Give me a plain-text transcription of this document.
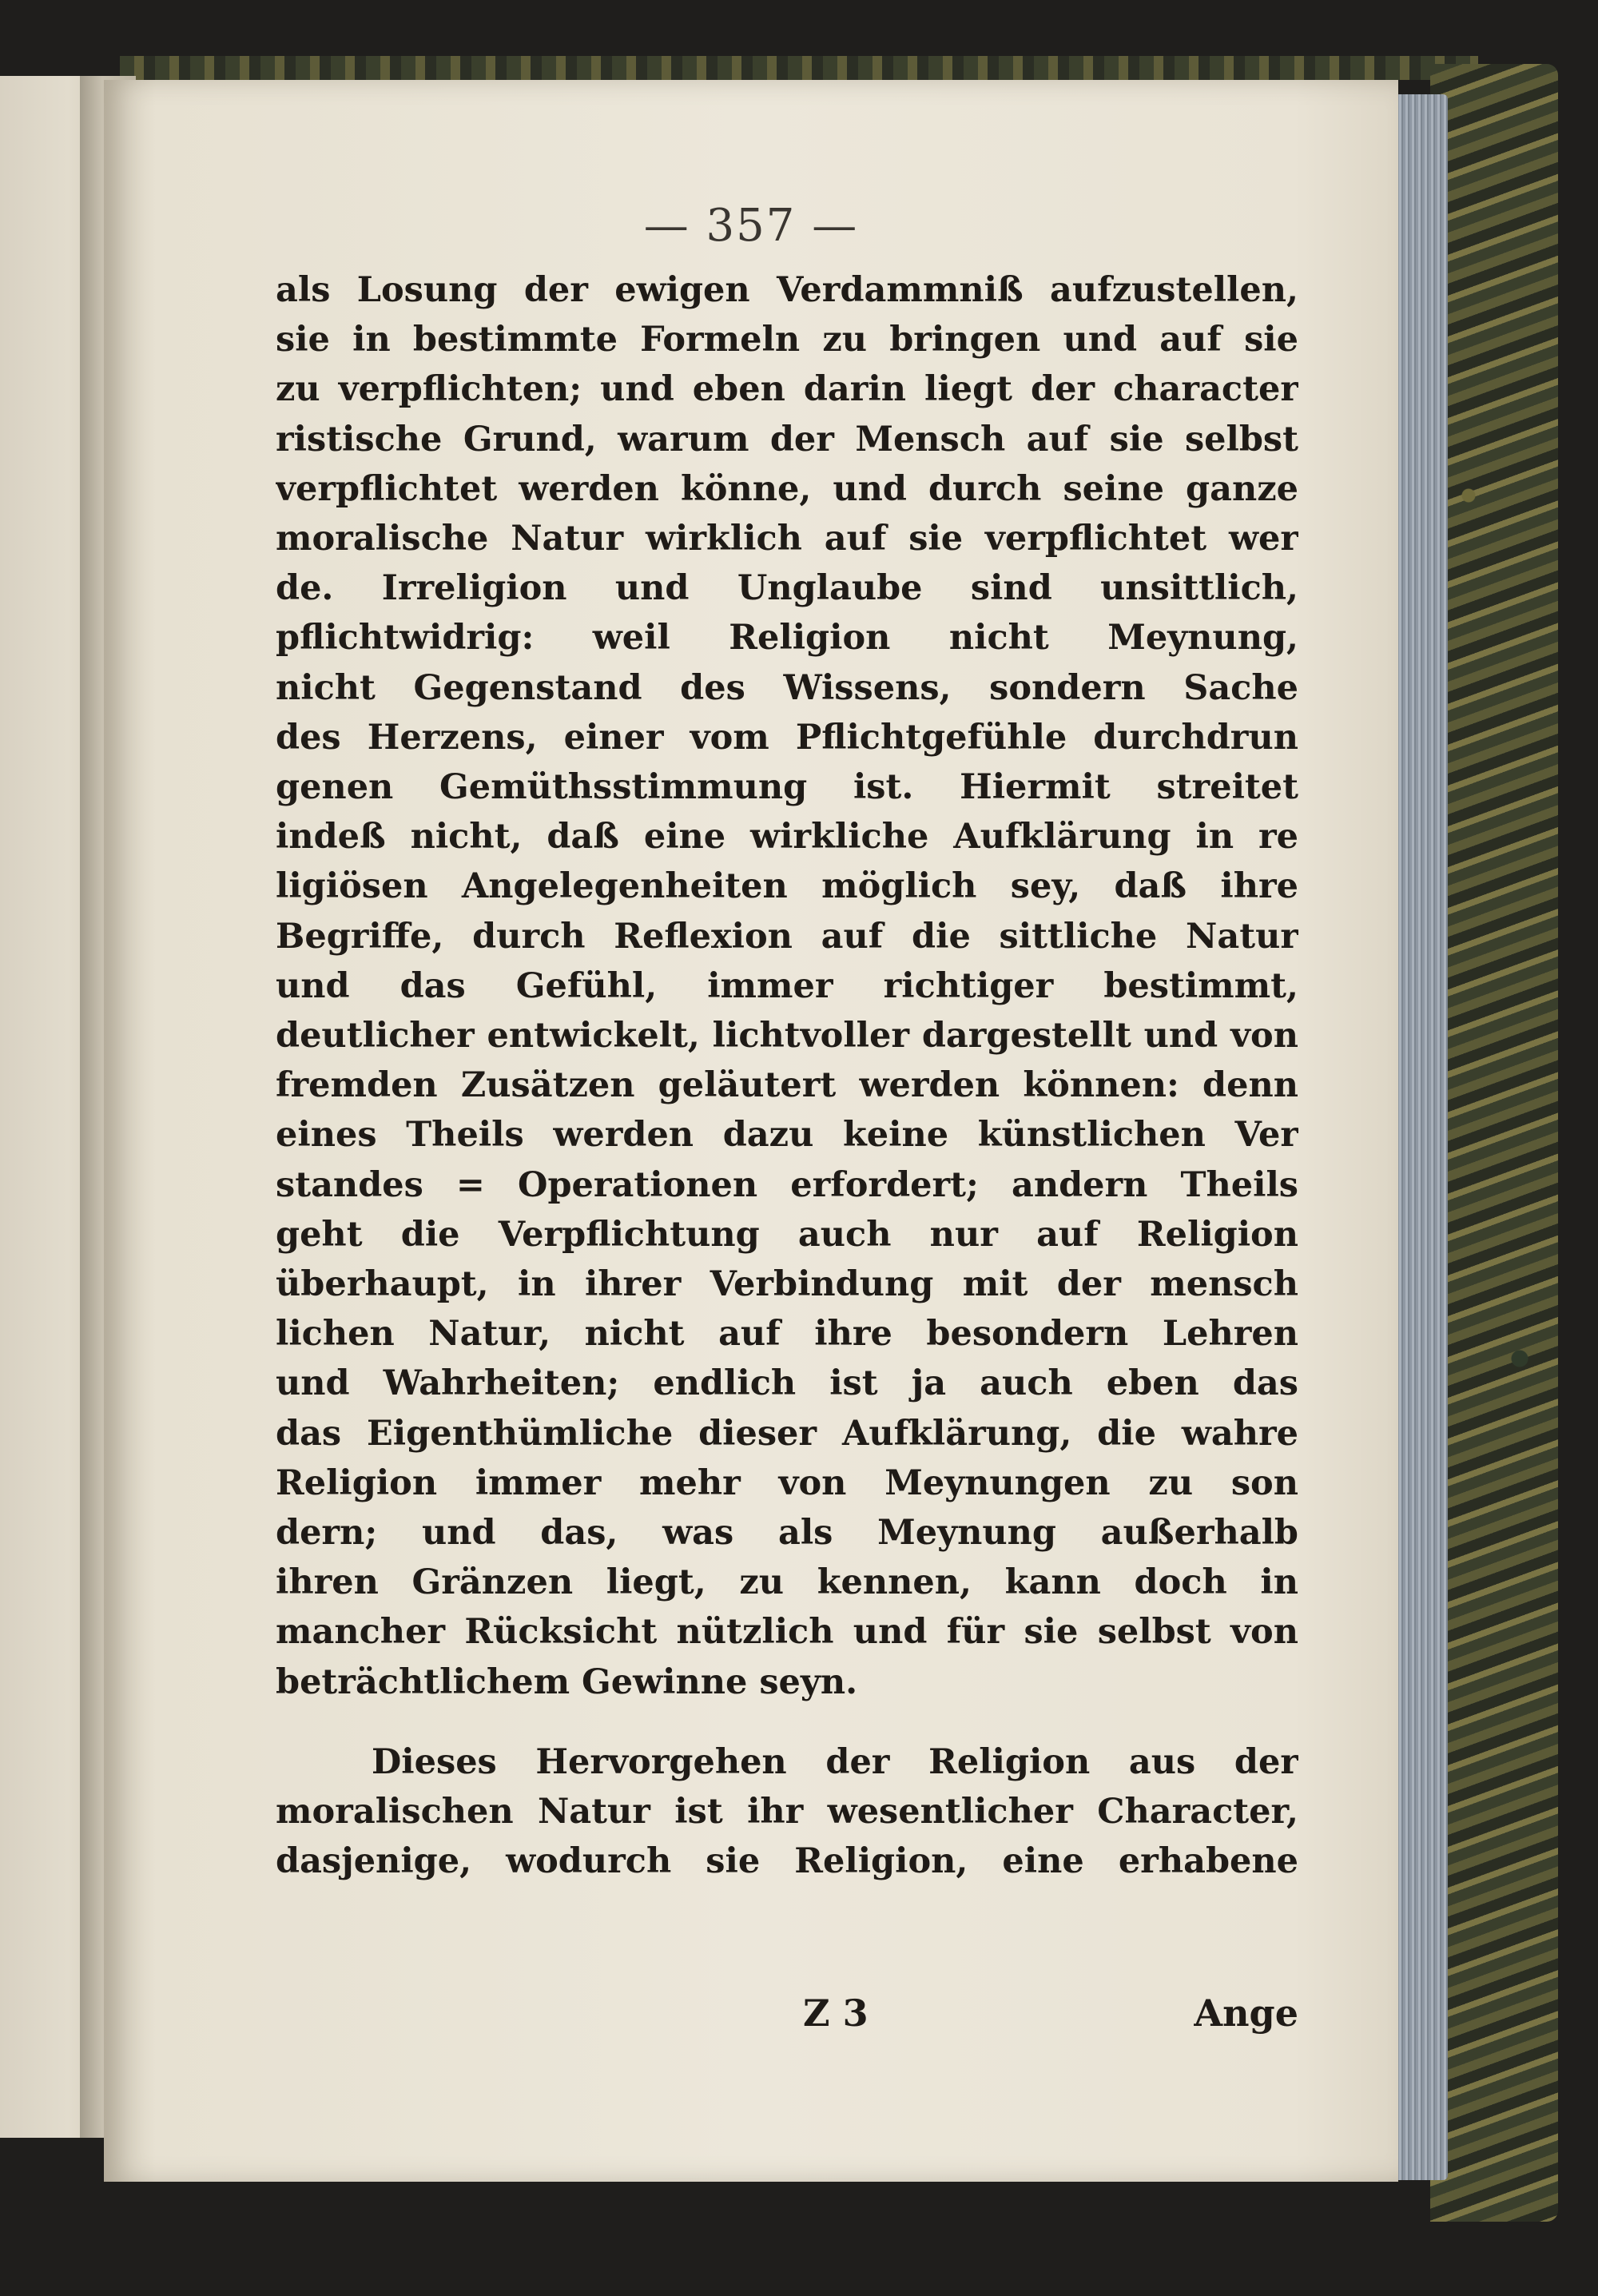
— 357 —
als Losung der ewigen Verdammniß aufzustellen,
sie in bestimmte Formeln zu bringen und auf sie
zu verpflichten; und eben darin liegt der character
ristische Grund, warum der Mensch auf sie selbst
verpflichtet werden könne, und durch seine ganze
moralische Natur wirklich auf sie verpflichtet wer
de. Irreligion und Unglaube sind unsittlich,
pflichtwidrig: weil Religion nicht Meynung,
nicht Gegenstand des Wissens, sondern Sache
des Herzens, einer vom Pflichtgefühle durchdrun
genen Gemüthsstimmung ist. Hiermit streitet
indeß nicht, daß eine wirkliche Aufklärung in re
ligiösen Angelegenheiten möglich sey, daß ihre
Begriffe, durch Reflexion auf die sittliche Natur
und das Gefühl, immer richtiger bestimmt,
deutlicher entwickelt, lichtvoller dargestellt und von
fremden Zusätzen geläutert werden können: denn
eines Theils werden dazu keine künstlichen Ver
standes = Operationen erfordert; andern Theils
geht die Verpflichtung auch nur auf Religion
überhaupt, in ihrer Verbindung mit der mensch
lichen Natur, nicht auf ihre besondern Lehren
und Wahrheiten; endlich ist ja auch eben das
das Eigenthümliche dieser Aufklärung, die wahre
Religion immer mehr von Meynungen zu son
dern; und das, was als Meynung außerhalb
ihren Gränzen liegt, zu kennen, kann doch in
mancher Rücksicht nützlich und für sie selbst von
beträchtlichem Gewinne seyn.
Dieses Hervorgehen der Religion aus der
moralischen Natur ist ihr wesentlicher Character,
dasjenige, wodurch sie Religion, eine erhabene
Z 3	Ange
